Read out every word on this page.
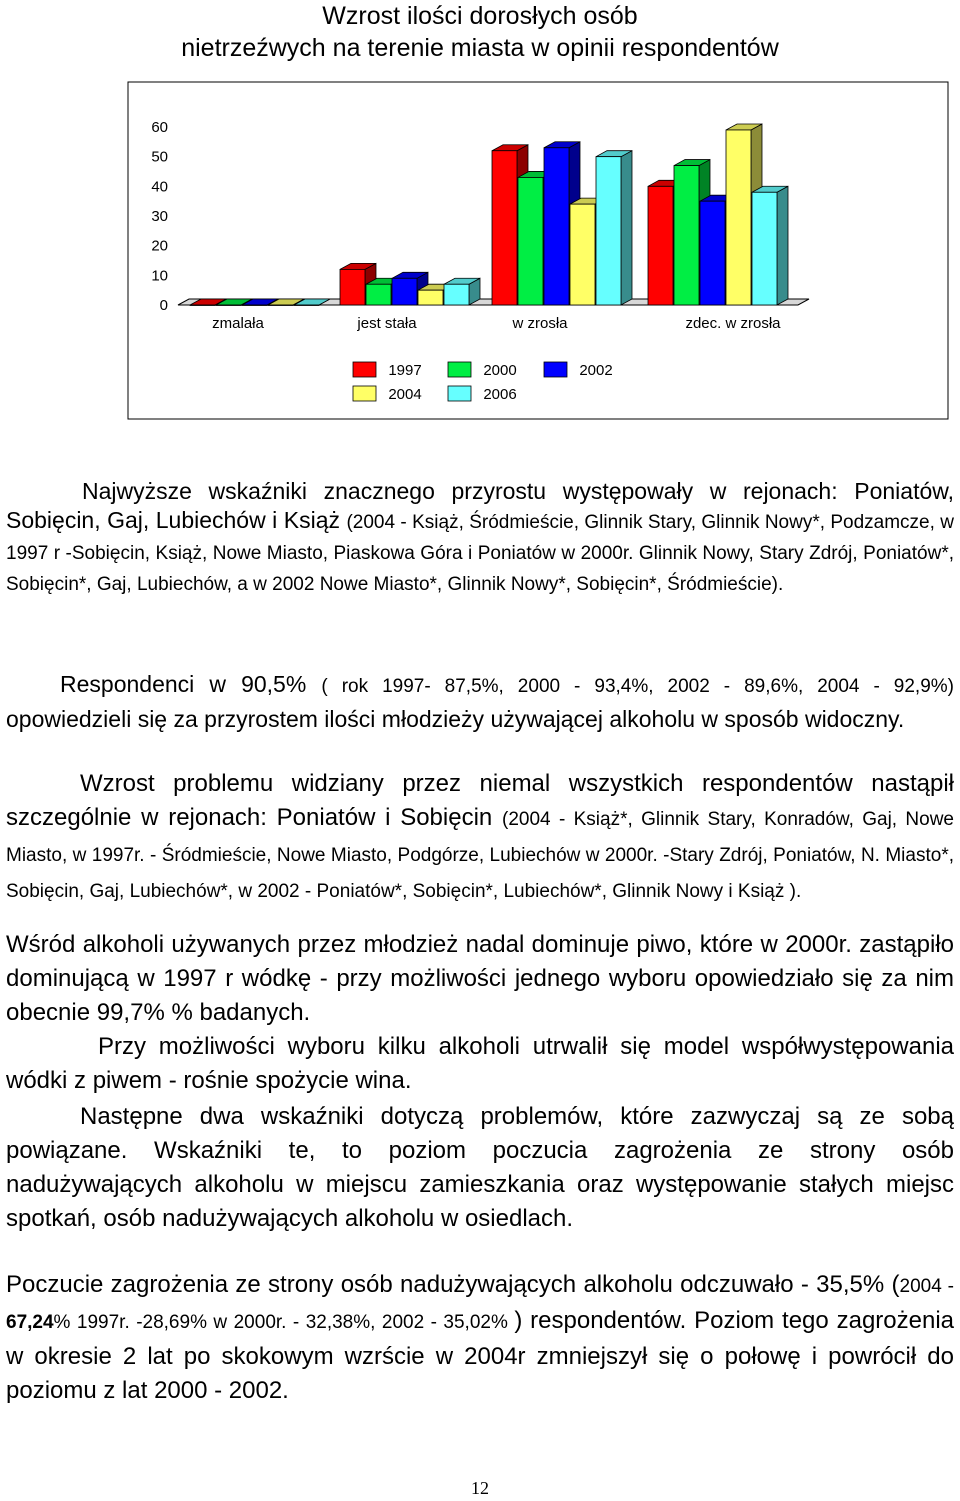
Wzrost ilości dorosłych osób
nietrzeźwych na terenie miasta w opinii respondentów
0
10
20
30
40
50
60
zmalała	jest stała	w zrosła	zdec. w zrosła
1997	2000	2002
2004	2006
Najwyższe wskaźniki znacznego przyrostu występowały w rejonach: Poniatów, Sobięcin, Gaj, Lubiechów i Książ (2004 - Książ, Śródmieście, Glinnik Stary, Glinnik Nowy*, Podzamcze, w 1997 r -Sobięcin, Książ, Nowe Miasto, Piaskowa Góra i Poniatów w 2000r. Glinnik Nowy, Stary Zdrój, Poniatów*, Sobięcin*, Gaj, Lubiechów, a w 2002 Nowe Miasto*, Glinnik Nowy*, Sobięcin*, Śródmieście).
Respondenci w 90,5% ( rok 1997- 87,5%, 2000 - 93,4%, 2002 - 89,6%, 2004 - 92,9%) opowiedzieli się za przyrostem ilości młodzieży używającej alkoholu w sposób widoczny.
Wzrost problemu widziany przez niemal wszystkich respondentów nastąpił szczególnie w rejonach: Poniatów i Sobięcin (2004 - Książ*, Glinnik Stary, Konradów, Gaj, Nowe Miasto, w 1997r. - Śródmieście, Nowe Miasto, Podgórze, Lubiechów w 2000r. -Stary Zdrój, Poniatów, N. Miasto*, Sobięcin, Gaj, Lubiechów*, w 2002 - Poniatów*, Sobięcin*, Lubiechów*, Glinnik Nowy i Książ ).
Wśród alkoholi używanych przez młodzież nadal dominuje piwo, które w 2000r. zastąpiło dominującą w 1997 r wódkę - przy możliwości jednego wyboru opowiedziało się za nim obecnie 99,7% % badanych.
Przy możliwości wyboru kilku alkoholi utrwalił się model współwystępowania wódki z piwem - rośnie spożycie wina.
Następne dwa wskaźniki dotyczą problemów, które zazwyczaj są ze sobą powiązane. Wskaźniki te, to poziom poczucia zagrożenia ze strony osób nadużywających alkoholu w miejscu zamieszkania oraz występowanie stałych miejsc spotkań, osób nadużywających alkoholu w osiedlach.
Poczucie zagrożenia ze strony osób nadużywających alkoholu odczuwało - 35,5% (2004 - 67,24% 1997r. -28,69% w 2000r. - 32,38%, 2002 - 35,02% ) respondentów. Poziom tego zagrożenia w okresie 2 lat po skokowym wzrście w 2004r zmniejszył się o połowę i powrócił do poziomu z lat 2000 - 2002.
12
